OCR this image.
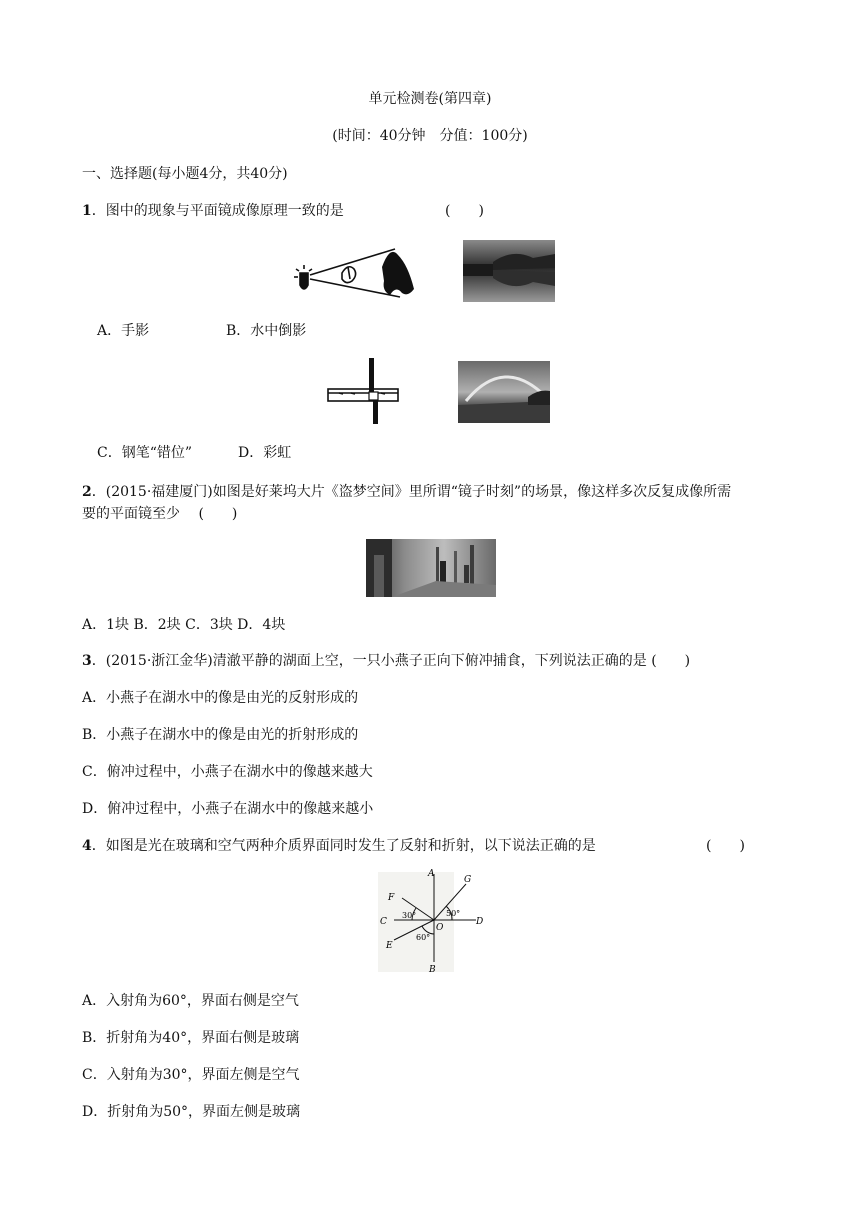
单元检测卷(第四章)
(时间：40分钟　分值：100分)
一、选择题(每小题4分，共40分)
1．图中的现象与平面镜成像原理一致的是	(　　)
A．手影	B．水中倒影
C．钢笔“错位”	D．彩虹
2．(2015·福建厦门)如图是好莱坞大片《盗梦空间》里所谓“镜子时刻”的场景，像这样多次反复成像所需
要的平面镜至少 (　　)
A．1块 B．2块 C．3块 D．4块
3．(2015·浙江金华)清澈平静的湖面上空，一只小燕子正向下俯冲捕食，下列说法正确的是 (　　)
A．小燕子在湖水中的像是由光的反射形成的
B．小燕子在湖水中的像是由光的折射形成的
C．俯冲过程中，小燕子在湖水中的像越来越大
D．俯冲过程中，小燕子在湖水中的像越来越小
4．如图是光在玻璃和空气两种介质界面同时发生了反射和折射，以下说法正确的是	(　　)
A
B
C	D
E
F
G
O
30°	50°
60°
A．入射角为60°，界面右侧是空气
B．折射角为40°，界面右侧是玻璃
C．入射角为30°，界面左侧是空气
D．折射角为50°，界面左侧是玻璃
